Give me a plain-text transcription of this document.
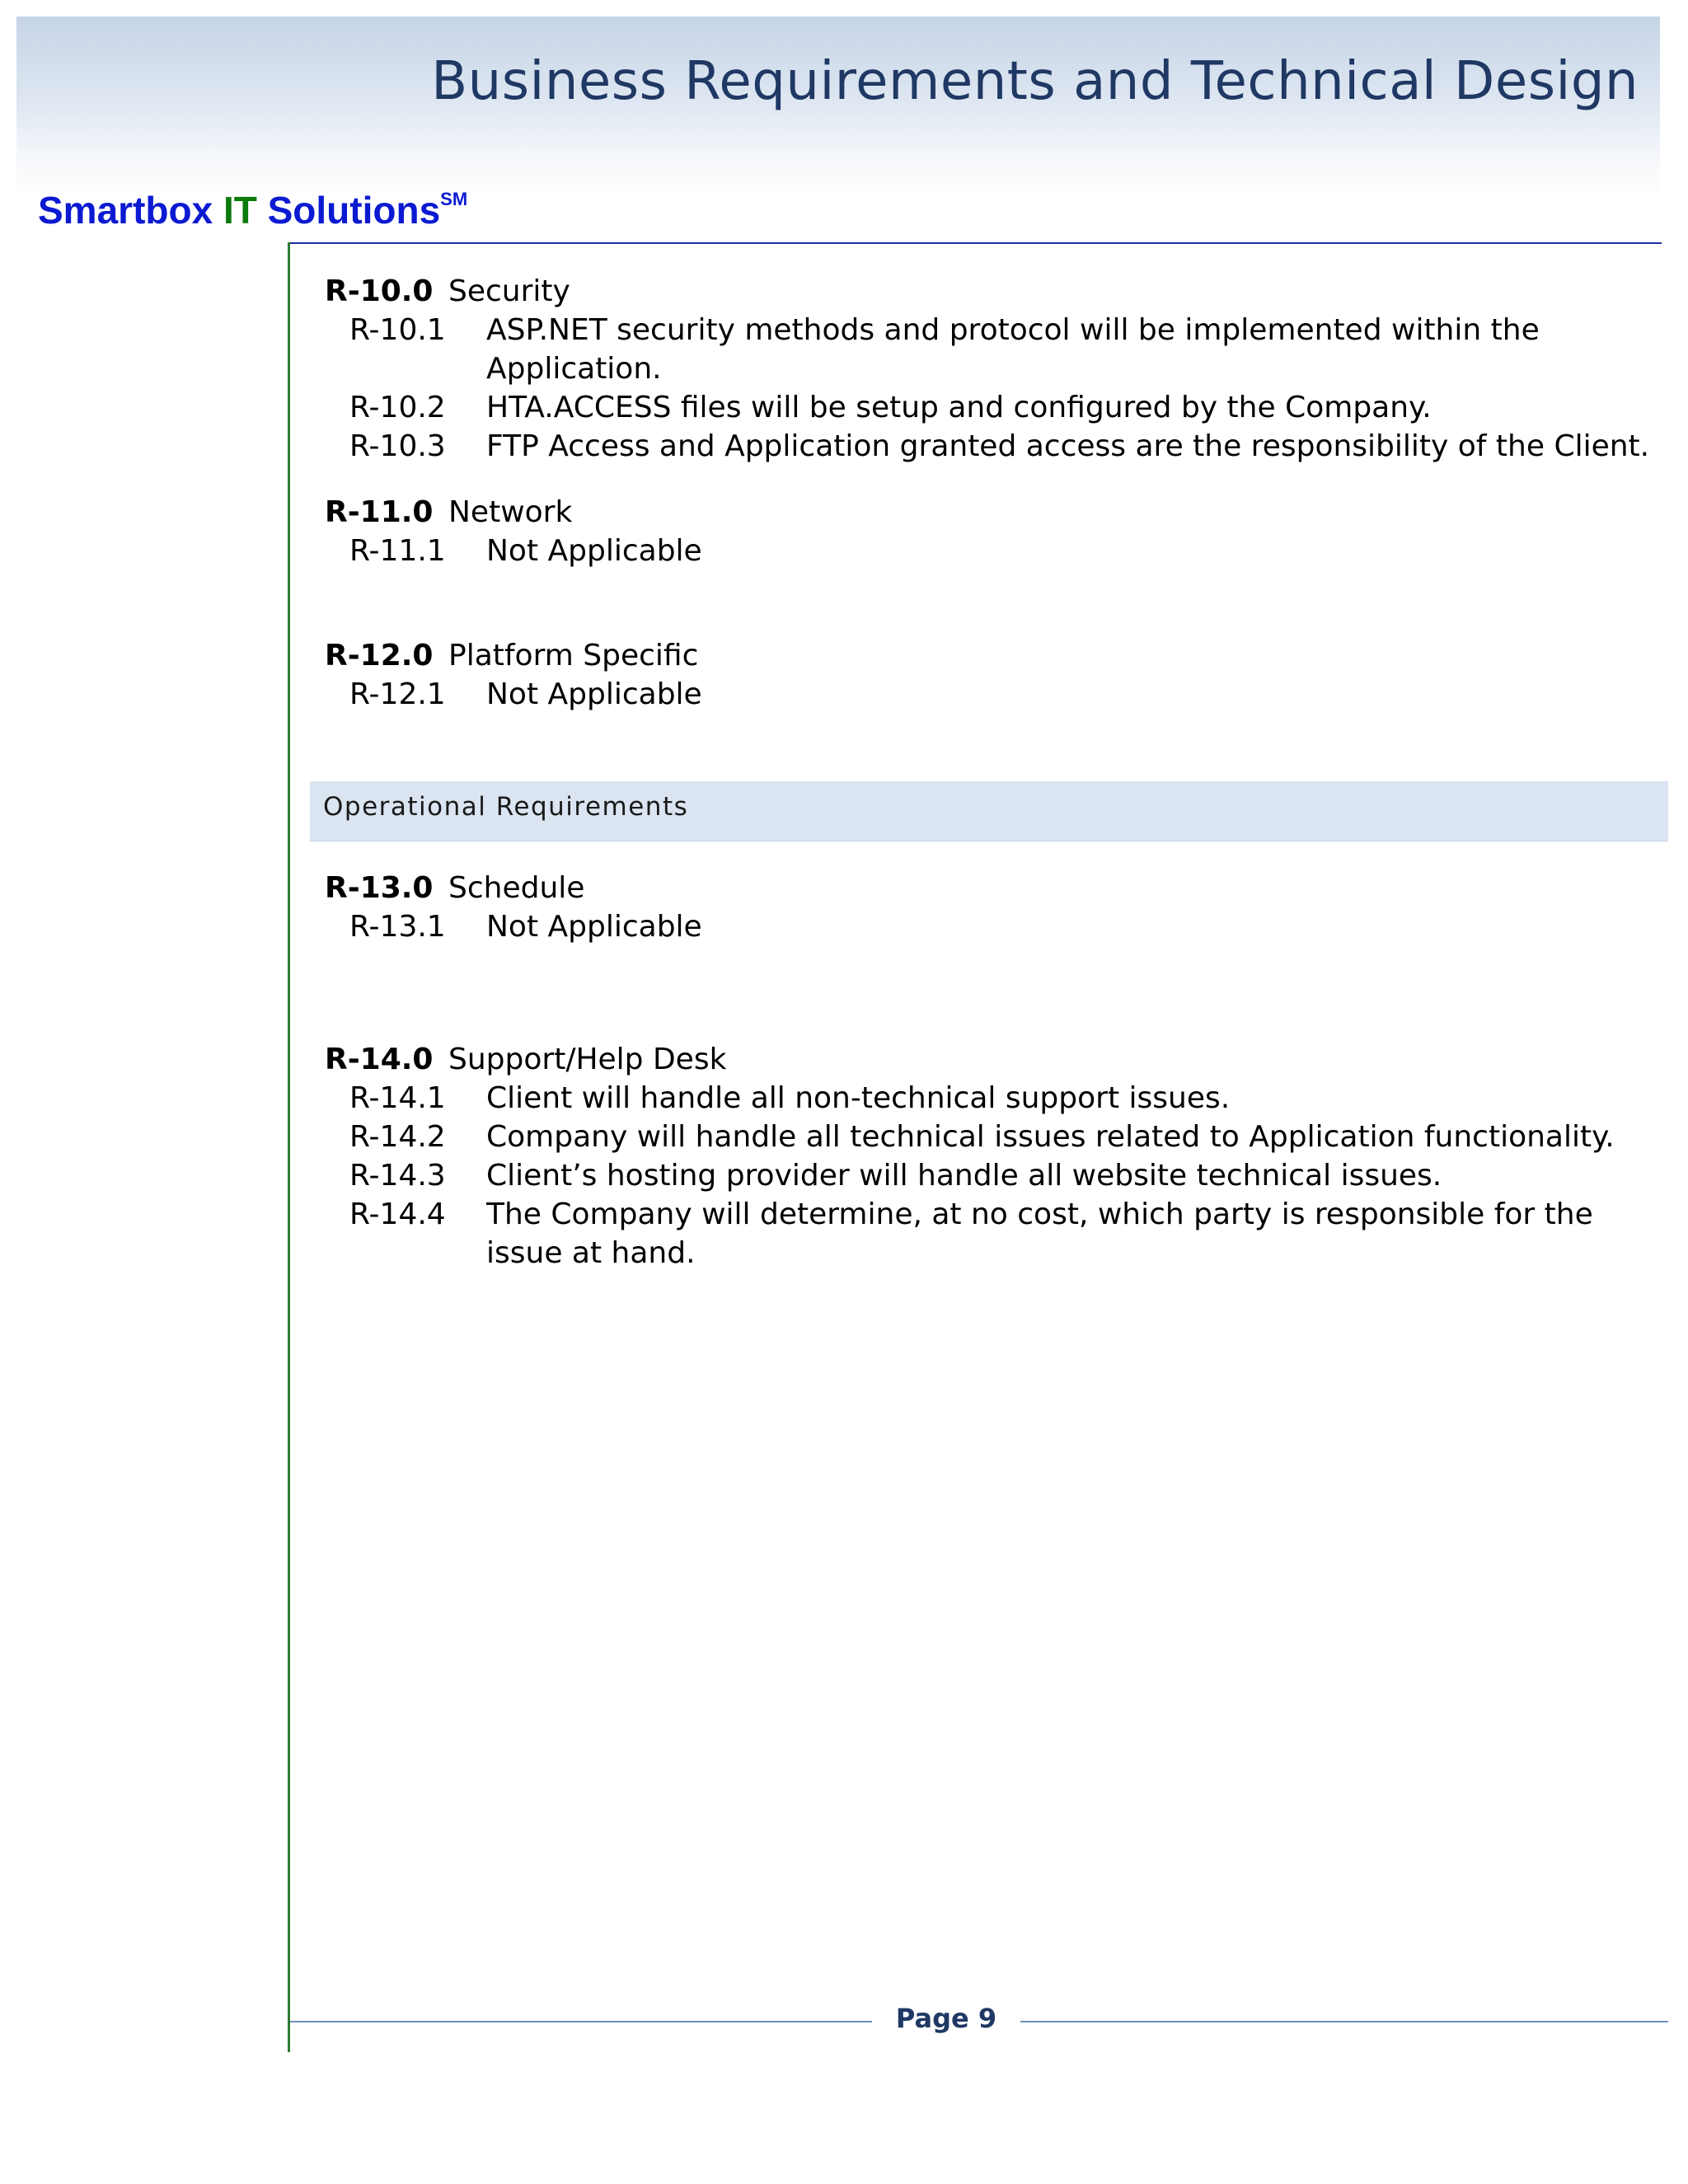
Business Requirements and Technical Design
Smartbox IT Solutions℠
R-10.0 Security
R-10.1	ASP.NET security methods and protocol will be implemented within the Application.
R-10.2	HTA.ACCESS files will be setup and configured by the Company.
R-10.3	FTP Access and Application granted access are the responsibility of the Client.
R-11.0 Network
R-11.1	Not Applicable
R-12.0 Platform Specific
R-12.1	Not Applicable
R-13.0 Schedule
R-13.1	Not Applicable
R-14.0 Support/Help Desk
R-14.1	Client will handle all non-technical support issues.
R-14.2	Company will handle all technical issues related to Application functionality.
R-14.3	Client’s hosting provider will handle all website technical issues.
R-14.4	The Company will determine, at no cost, which party is responsible for the issue at hand.
Operational Requirements
Page 9
